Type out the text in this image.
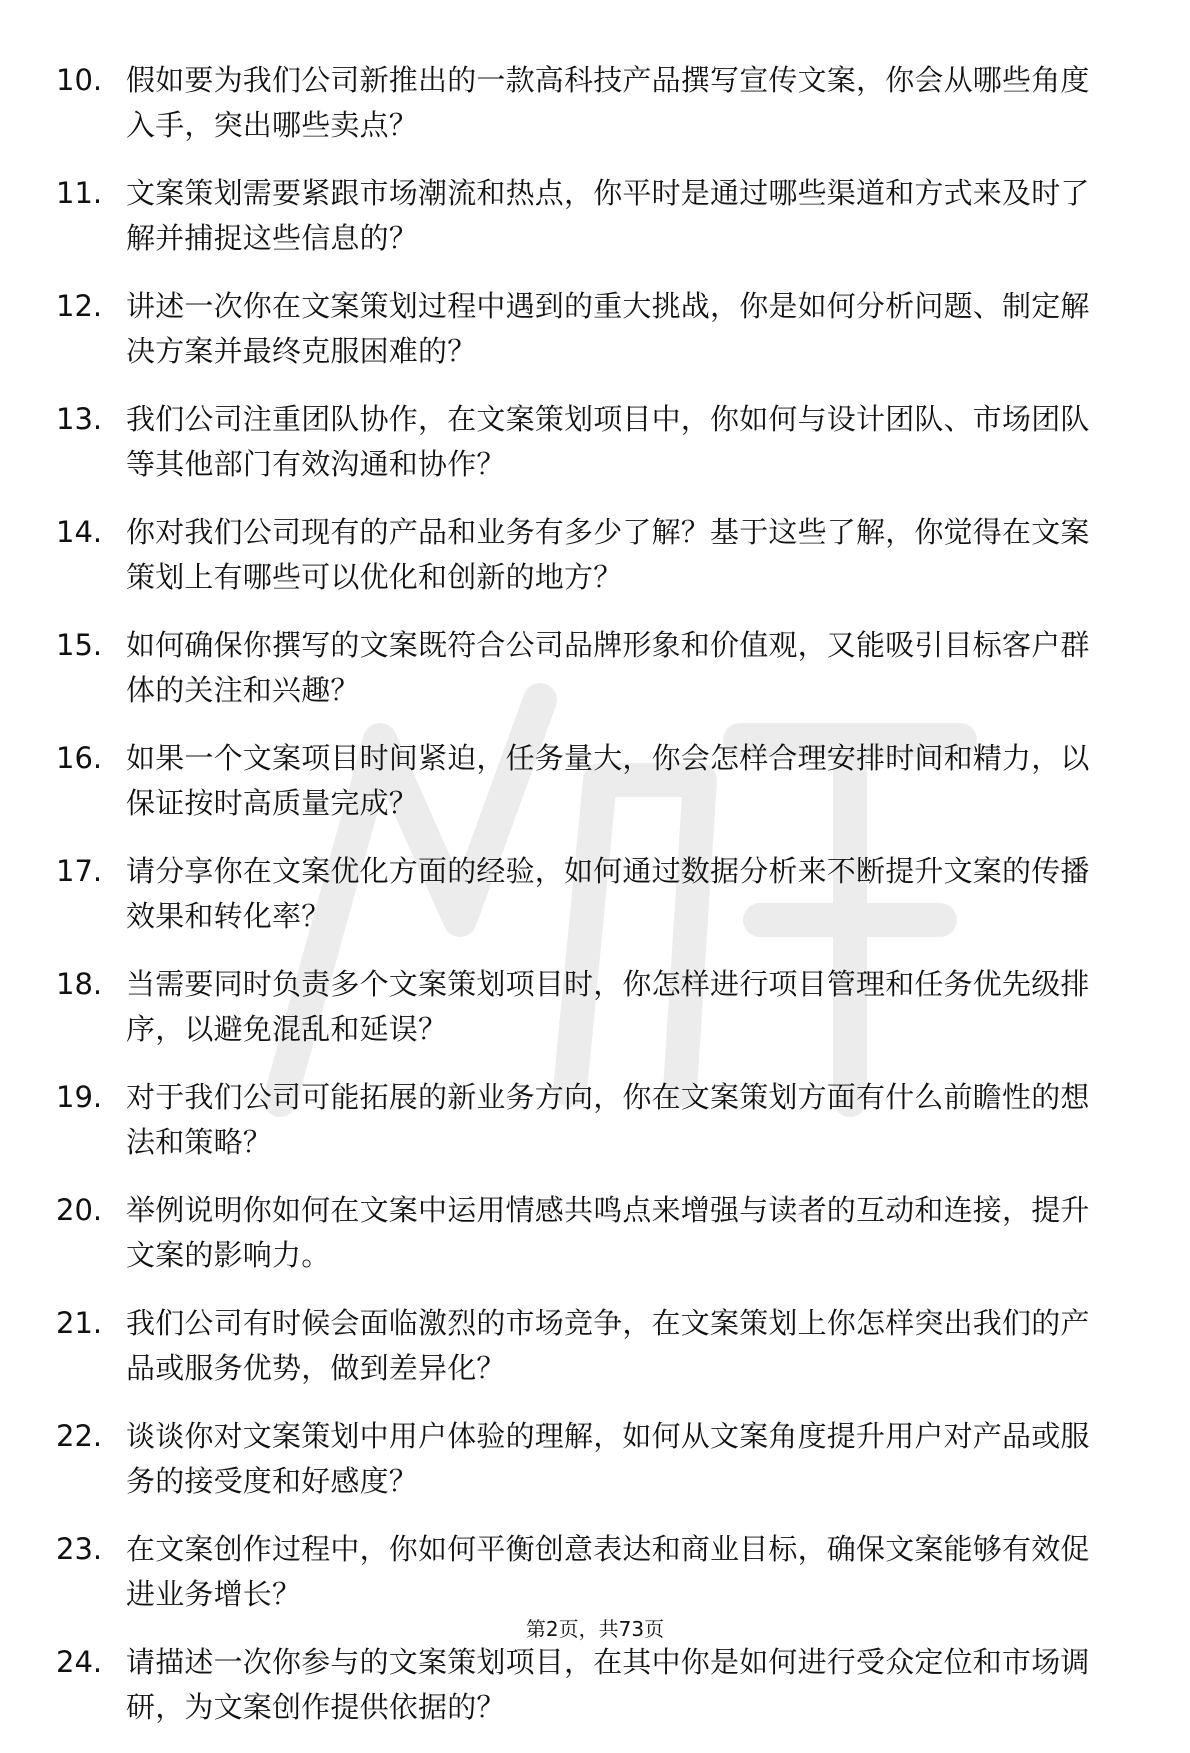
10. 假如要为我们公司新推出的一款高科技产品撰写宣传文案，你会从哪些角度入手，突出哪些卖点？
11. 文案策划需要紧跟市场潮流和热点，你平时是通过哪些渠道和方式来及时了解并捕捉这些信息的？
12. 讲述一次你在文案策划过程中遇到的重大挑战，你是如何分析问题、制定解决方案并最终克服困难的？
13. 我们公司注重团队协作，在文案策划项目中，你如何与设计团队、市场团队等其他部门有效沟通和协作？
14. 你对我们公司现有的产品和业务有多少了解？基于这些了解，你觉得在文案策划上有哪些可以优化和创新的地方？
15. 如何确保你撰写的文案既符合公司品牌形象和价值观，又能吸引目标客户群体的关注和兴趣？
16. 如果一个文案项目时间紧迫，任务量大，你会怎样合理安排时间和精力，以保证按时高质量完成？
17. 请分享你在文案优化方面的经验，如何通过数据分析来不断提升文案的传播效果和转化率？
18. 当需要同时负责多个文案策划项目时，你怎样进行项目管理和任务优先级排序，以避免混乱和延误？
19. 对于我们公司可能拓展的新业务方向，你在文案策划方面有什么前瞻性的想法和策略？
20. 举例说明你如何在文案中运用情感共鸣点来增强与读者的互动和连接，提升文案的影响力。
21. 我们公司有时候会面临激烈的市场竞争，在文案策划上你怎样突出我们的产品或服务优势，做到差异化？
22. 谈谈你对文案策划中用户体验的理解，如何从文案角度提升用户对产品或服务的接受度和好感度？
23. 在文案创作过程中，你如何平衡创意表达和商业目标，确保文案能够有效促进业务增长？
24. 请描述一次你参与的文案策划项目，在其中你是如何进行受众定位和市场调研，为文案创作提供依据的？
第2页，共73页
